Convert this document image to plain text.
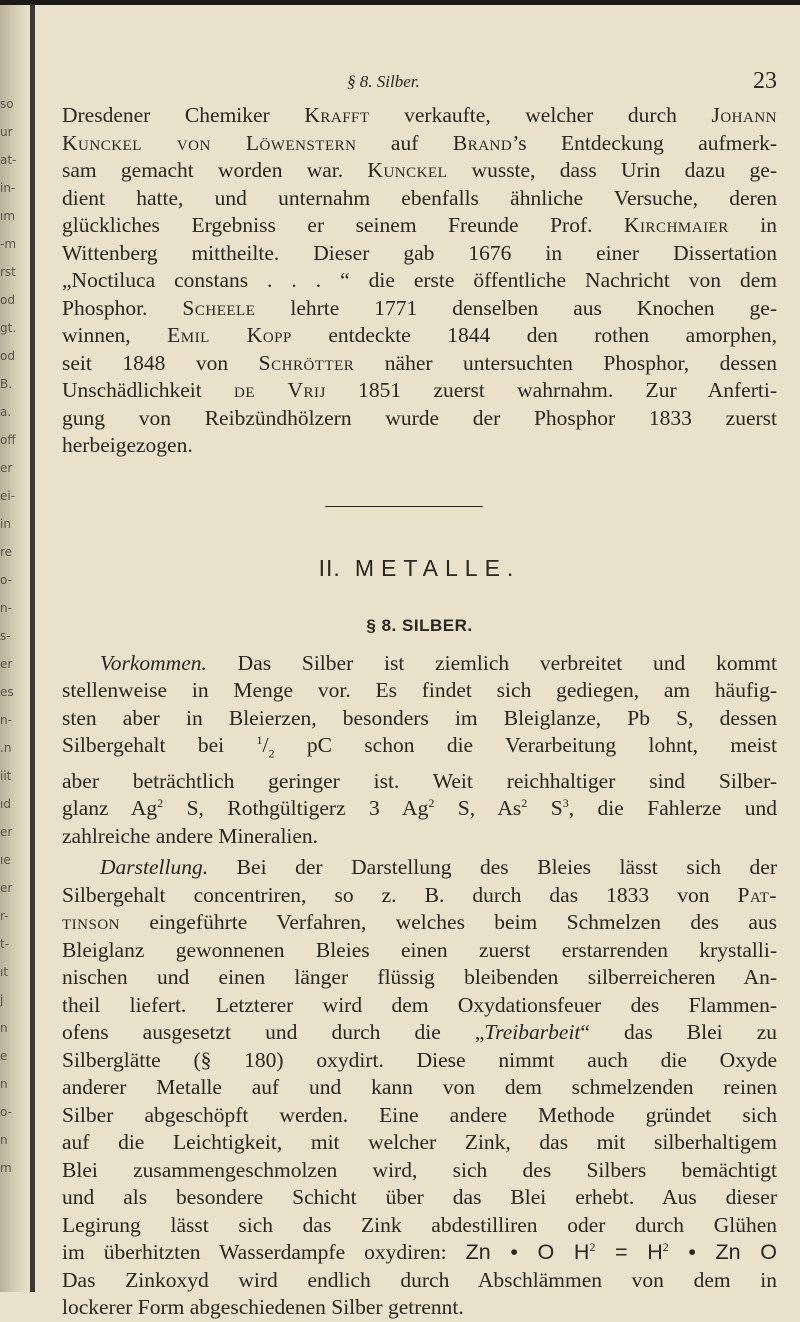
so
ur
at-
in-
ım
-m
rst
od
gt.
od
B.
a.
off
er
ei-
in
re
o-
n-
s-
er
es
n-
.n
iit
ıd
er
ıe
er
r-
t-
ıt
j
n
e
n
o-
n
m
§ 8. Silber.	23

Dresdener Chemiker Krafft verkaufte, welcher durch Johann
Kunckel von Löwenstern auf Brand’s Entdeckung aufmerk-
sam gemacht worden war. Kunckel wusste, dass Urin dazu ge-
dient hatte, und unternahm ebenfalls ähnliche Versuche, deren
glückliches Ergebniss er seinem Freunde Prof. Kirchmaier in
Wittenberg mittheilte. Dieser gab 1676 in einer Dissertation
„Noctiluca constans . . . “ die erste öffentliche Nachricht von dem
Phosphor. Scheele lehrte 1771 denselben aus Knochen ge-
winnen, Emil Kopp entdeckte 1844 den rothen amorphen,
seit 1848 von Schrötter näher untersuchten Phosphor, dessen
Unschädlichkeit de Vrij 1851 zuerst wahrnahm. Zur Anferti-
gung von Reibzündhölzern wurde der Phosphor 1833 zuerst
herbeigezogen.

II. METALLE.
§ 8. SILBER.

Vorkommen. Das Silber ist ziemlich verbreitet und kommt
stellenweise in Menge vor. Es findet sich gediegen, am häufig-
sten aber in Bleierzen, besonders im Bleiglanze, Pb S, dessen
Silbergehalt bei $^1/_2$ pC schon die Verarbeitung lohnt, meist
aber beträchtlich geringer ist. Weit reichhaltiger sind Silber-
glanz Ag$^2$ S, Rothgültigerz 3 Ag$^2$ S, As$^2$ $S^3$, die Fahlerze und
zahlreiche andere Mineralien.

Darstellung. Bei der Darstellung des Bleies lässt sich der
Silbergehalt concentriren, so z. B. durch das 1833 von Pat-
tinson eingeführte Verfahren, welches beim Schmelzen des aus
Bleiglanz gewonnenen Bleies einen zuerst erstarrenden krystalli-
nischen und einen länger flüssig bleibenden silberreicheren An-
theil liefert. Letzterer wird dem Oxydationsfeuer des Flammen-
ofens ausgesetzt und durch die „Treibarbeit“ das Blei zu
Silberglätte (§ 180) oxydirt. Diese nimmt auch die Oxyde
anderer Metalle auf und kann von dem schmelzenden reinen
Silber abgeschöpft werden. Eine andere Methode gründet sich
auf die Leichtigkeit, mit welcher Zink, das mit silberhaltigem
Blei zusammengeschmolzen wird, sich des Silbers bemächtigt
und als besondere Schicht über das Blei erhebt. Aus dieser
Legirung lässt sich das Zink abdestilliren oder durch Glühen
im überhitzten Wasserdampfe oxydiren: Zn • O $H^2 = H^2$ • Zn O
Das Zinkoxyd wird endlich durch Abschlämmen von dem in
lockerer Form abgeschiedenen Silber getrennt.
